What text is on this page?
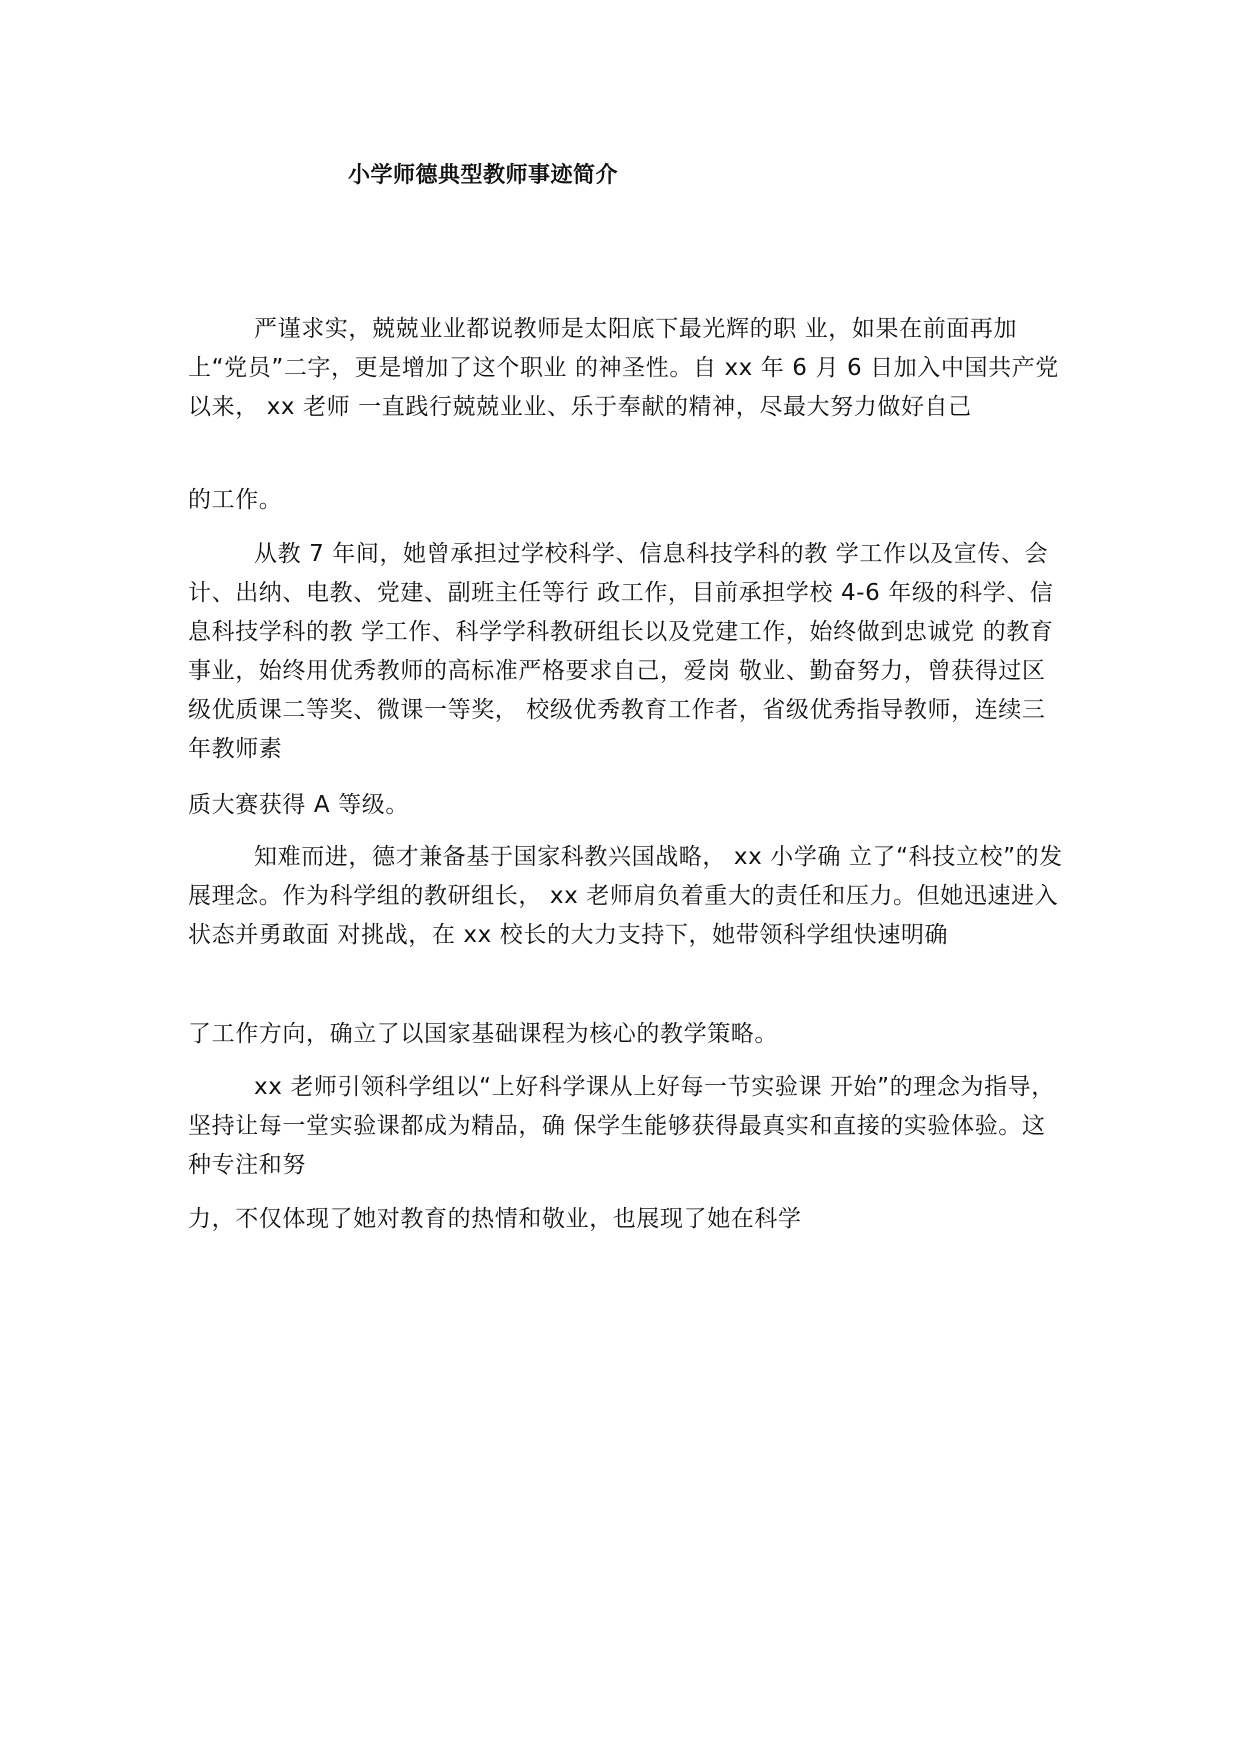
小学师德典型教师事迹简介

严谨求实，兢兢业业都说教师是太阳底下最光辉的职 业，如果在前面再加上“党员”二字，更是增加了这个职业 的神圣性。自 xx 年 6 月 6 日加入中国共产党以来， xx 老师 一直践行兢兢业业、乐于奉献的精神，尽最大努力做好自己

的工作。

从教 7 年间，她曾承担过学校科学、信息科技学科的教 学工作以及宣传、会计、出纳、电教、党建、副班主任等行 政工作，目前承担学校 4-6 年级的科学、信息科技学科的教 学工作、科学学科教研组长以及党建工作，始终做到忠诚党 的教育事业，始终用优秀教师的高标准严格要求自己，爱岗 敬业、勤奋努力，曾获得过区级优质课二等奖、微课一等奖， 校级优秀教育工作者，省级优秀指导教师，连续三年教师素

质大赛获得 A 等级。

知难而进，德才兼备基于国家科教兴国战略， xx 小学确 立了“科技立校”的发展理念。作为科学组的教研组长， xx 老师肩负着重大的责任和压力。但她迅速进入状态并勇敢面 对挑战，在 xx 校长的大力支持下，她带领科学组快速明确

了工作方向，确立了以国家基础课程为核心的教学策略。

xx 老师引领科学组以“上好科学课从上好每一节实验课 开始”的理念为指导，坚持让每一堂实验课都成为精品，确 保学生能够获得最真实和直接的实验体验。这种专注和努

力，不仅体现了她对教育的热情和敬业，也展现了她在科学
